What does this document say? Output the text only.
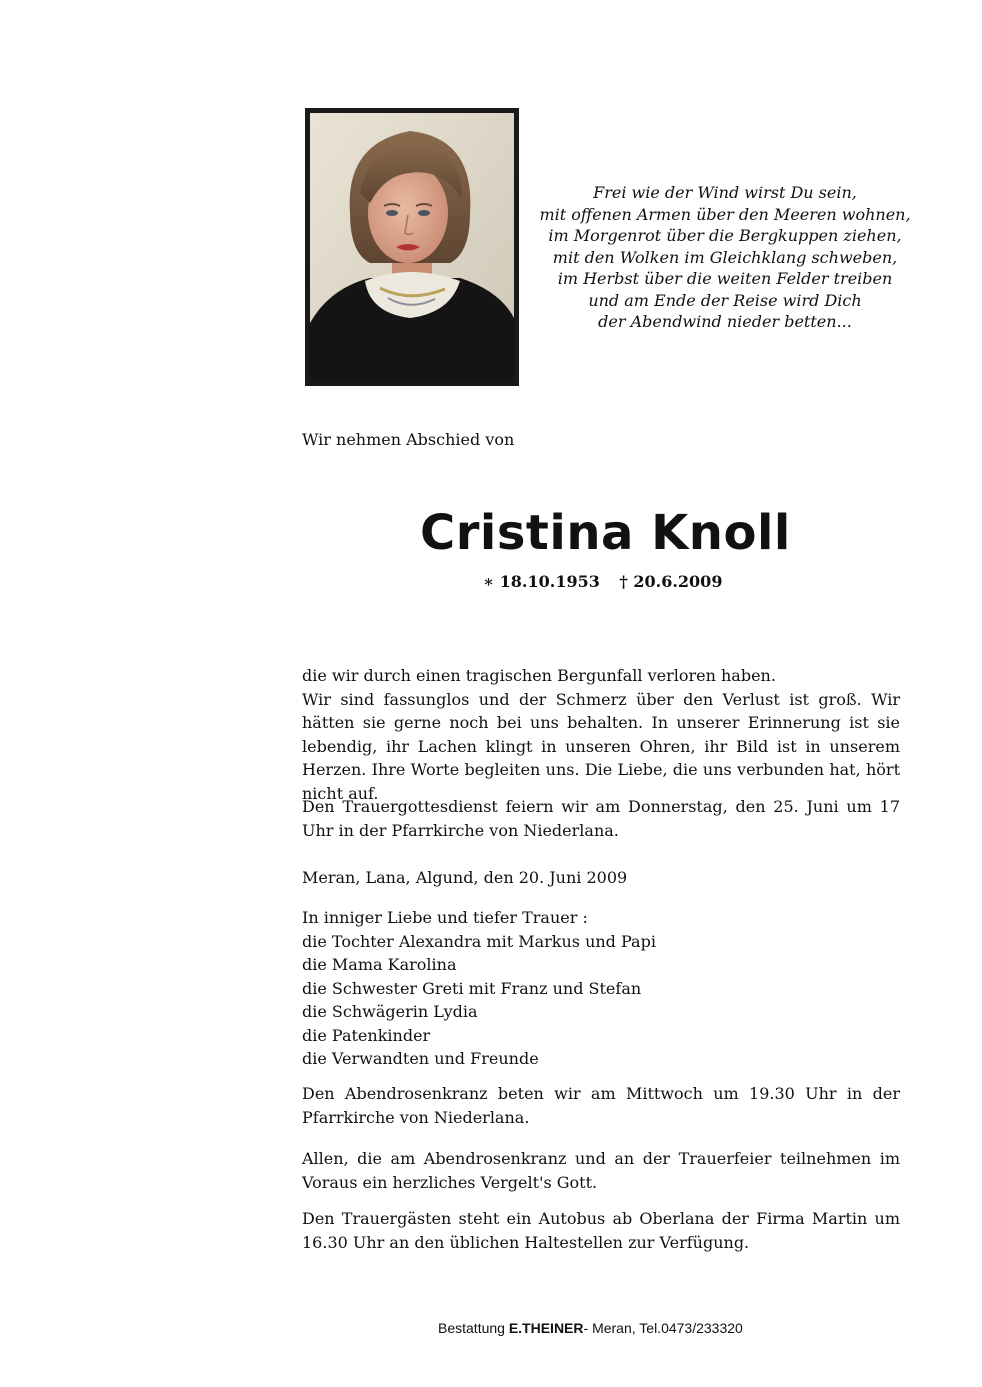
Frei wie der Wind wirst Du sein,
mit offenen Armen über den Meeren wohnen,
im Morgenrot über die Bergkuppen ziehen,
mit den Wolken im Gleichklang schweben,
im Herbst über die weiten Felder treiben
und am Ende der Reise wird Dich
der Abendwind nieder betten...
Wir nehmen Abschied von
Cristina Knoll
∗ 18.10.1953 † 20.6.2009
die wir durch einen tragischen Bergunfall verloren haben.
Wir sind fassunglos und der Schmerz über den Verlust ist groß. Wir hätten sie gerne noch bei uns behalten. In unserer Erinnerung ist sie lebendig, ihr Lachen klingt in unseren Ohren, ihr Bild ist in unserem Herzen. Ihre Worte begleiten uns. Die Liebe, die uns verbunden hat, hört nicht auf.
Den Trauergottesdienst feiern wir am Donnerstag, den 25. Juni um 17 Uhr in der Pfarrkirche von Niederlana.
Meran, Lana, Algund, den 20. Juni 2009
In inniger Liebe und tiefer Trauer :
die Tochter Alexandra mit Markus und Papi
die Mama Karolina
die Schwester Greti mit Franz und Stefan
die Schwägerin Lydia
die Patenkinder
die Verwandten und Freunde
Den Abendrosenkranz beten wir am Mittwoch um 19.30 Uhr in der Pfarrkirche von Niederlana.
Allen, die am Abendrosenkranz und an der Trauerfeier teilnehmen im Voraus ein herzliches Vergelt's Gott.
Den Trauergästen steht ein Autobus ab Oberlana der Firma Martin um 16.30 Uhr an den üblichen Haltestellen zur Verfügung.
Bestattung E.THEINER- Meran, Tel.0473/233320
